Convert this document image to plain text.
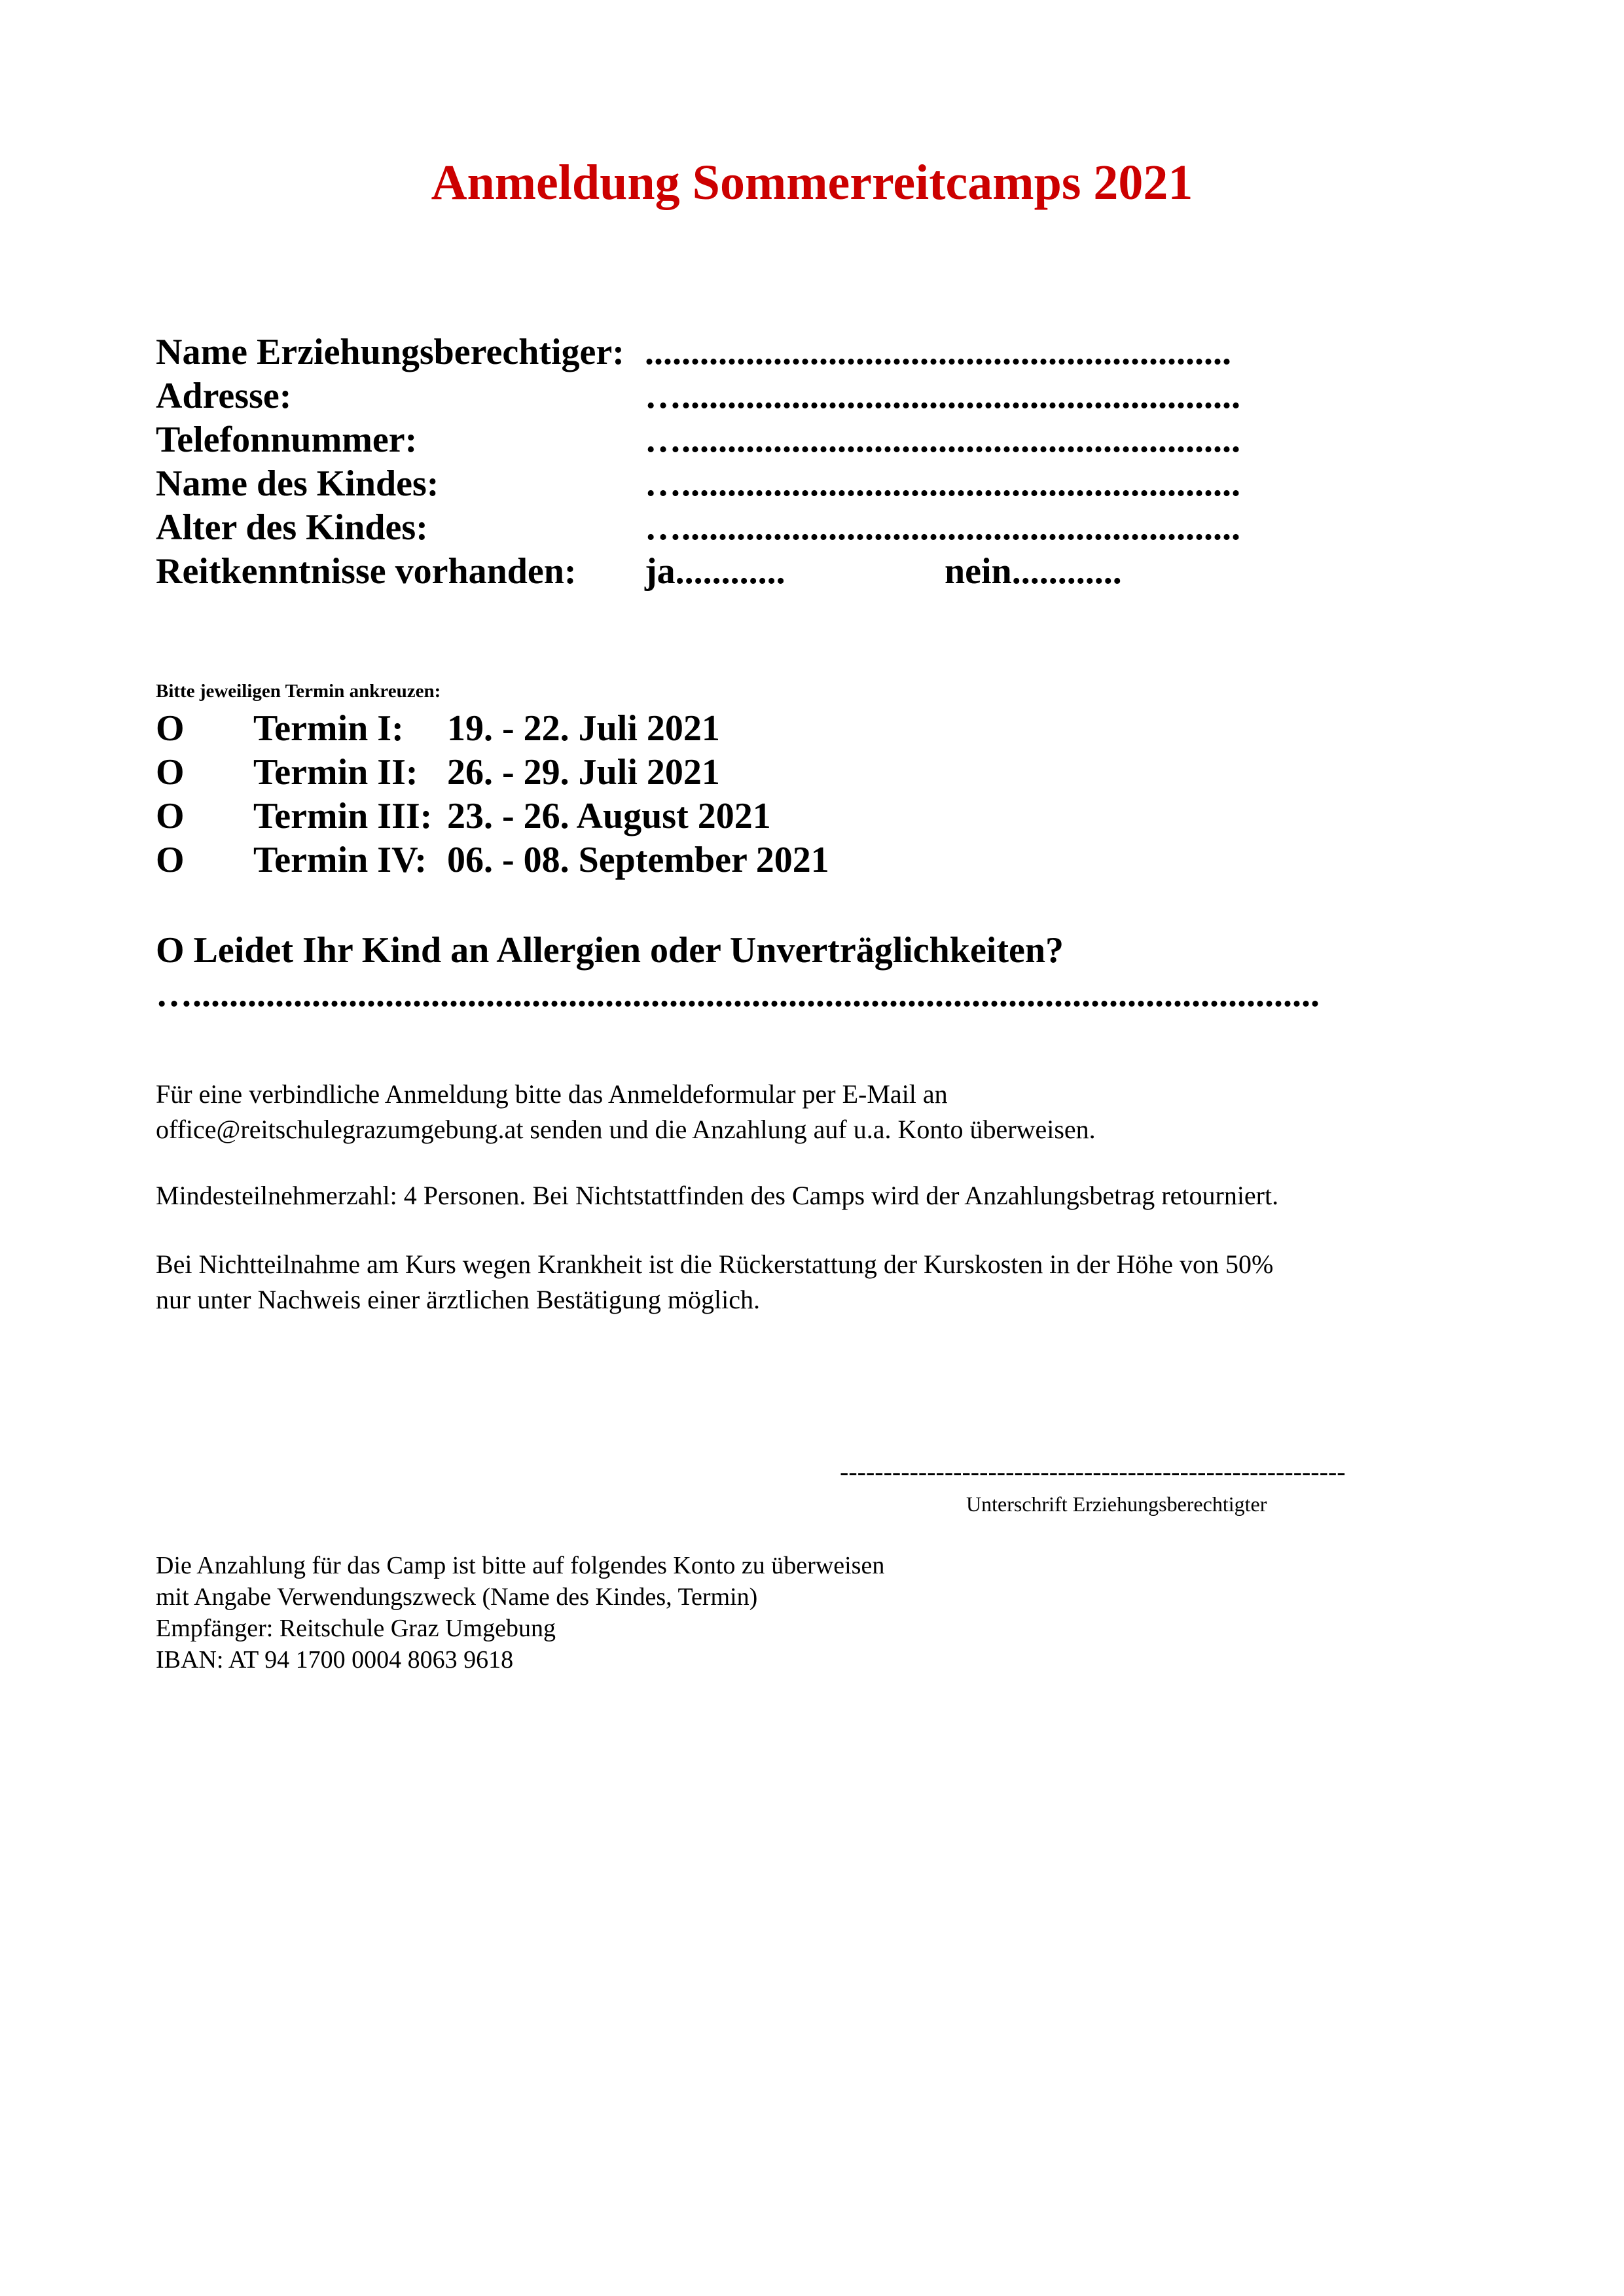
Anmeldung Sommerreitcamps 2021
Name Erziehungsberechtiger: ................................................................
Adresse:	….............................................................
Telefonnummer:	….............................................................
Name des Kindes:	….............................................................
Alter des Kindes:	….............................................................
Reitkenntnisse vorhanden: ja............	nein............
Bitte jeweiligen Termin ankreuzen:
O Termin I: 19. - 22. Juli 2021
O Termin II: 26. - 29. Juli 2021
O Termin III: 23. - 26. August 2021
O Termin IV: 06. - 08. September 2021
O Leidet Ihr Kind an Allergien oder Unverträglichkeiten?
…...........................................................................................................................
Für eine verbindliche Anmeldung bitte das Anmeldeformular per E-Mail an
office@reitschulegrazumgebung.at senden und die Anzahlung auf u.a. Konto überweisen.
Mindesteilnehmerzahl: 4 Personen. Bei Nichtstattfinden des Camps wird der Anzahlungsbetrag retourniert.
Bei Nichtteilnahme am Kurs wegen Krankheit ist die Rückerstattung der Kurskosten in der Höhe von 50%
nur unter Nachweis einer ärztlichen Bestätigung möglich.
----------------------------------------------------------
Unterschrift Erziehungsberechtigter
Die Anzahlung für das Camp ist bitte auf folgendes Konto zu überweisen
mit Angabe Verwendungszweck (Name des Kindes, Termin)
Empfänger: Reitschule Graz Umgebung
IBAN: AT 94 1700 0004 8063 9618
